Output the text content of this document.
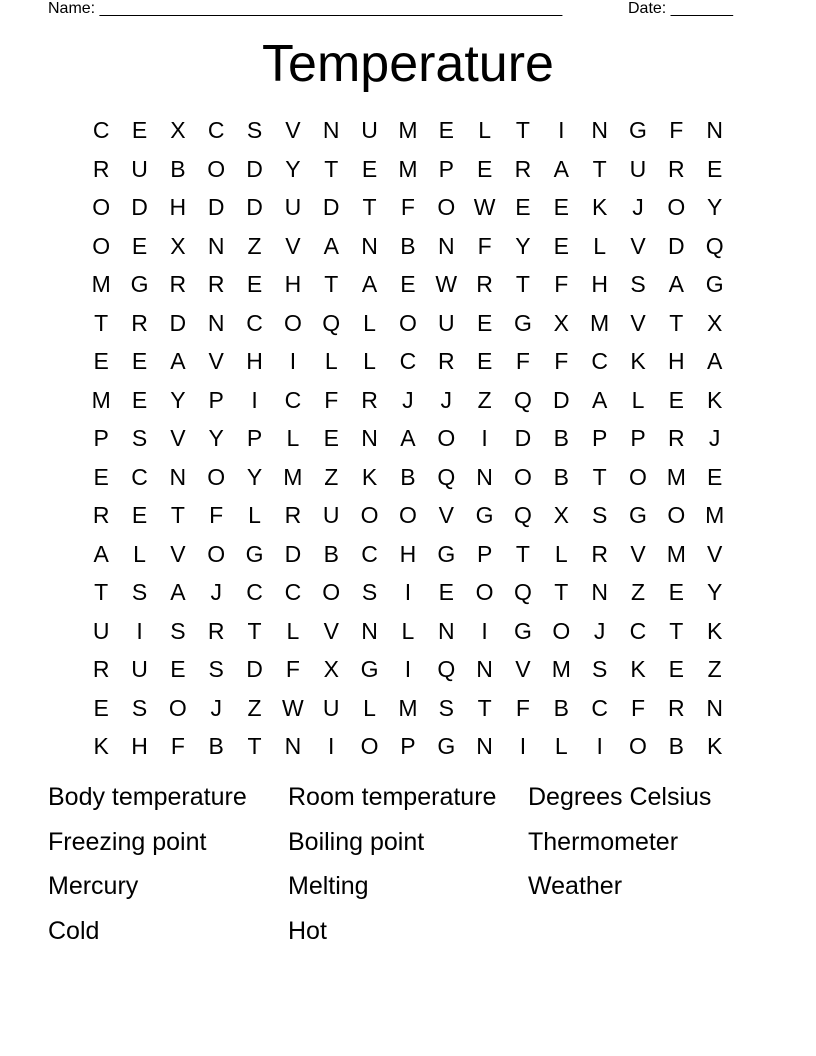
Name: ____________________________________________________	Date: _______
Temperature
C E	X C S	V N U M E	L	T	I	N G F	N
R U B O D Y	T	E M P	E R A	T	U R E
O D H D D U D	T	F O W E	E	K	J	O Y
O E	X N	Z	V	A N B N	F	Y	E	L	V D Q
M G R R E H	T	A	E W R	T	F	H S	A G
T	R D N C O Q	L	O U E G X M V	T	X
E	E	A	V H	I	L	L	C R E	F	F	C K H A
M E	Y	P	I	C	F	R	J	J	Z Q D A	L	E	K
P	S	V	Y	P	L	E N A O	I	D B	P	P R	J
E C N O Y M Z	K	B Q N O B	T O M E
R E	T	F	L	R U O O V G Q X	S G O M
A	L	V O G D B C H G P	T	L	R V M V
T	S	A	J	C C O S	I	E O Q T	N	Z	E	Y
U	I	S R	T	L	V N	L	N	I	G O	J	C	T	K
R U E	S D	F	X G	I	Q N V M S	K	E	Z
E	S O	J	Z W U	L M S	T	F	B C	F	R N
K H	F	B	T	N	I	O P G N	I	L	I	O B	K
Body temperature	Room temperature	Degrees Celsius
Freezing point	Boiling point	Thermometer
Mercury	Melting	Weather
Cold	Hot
